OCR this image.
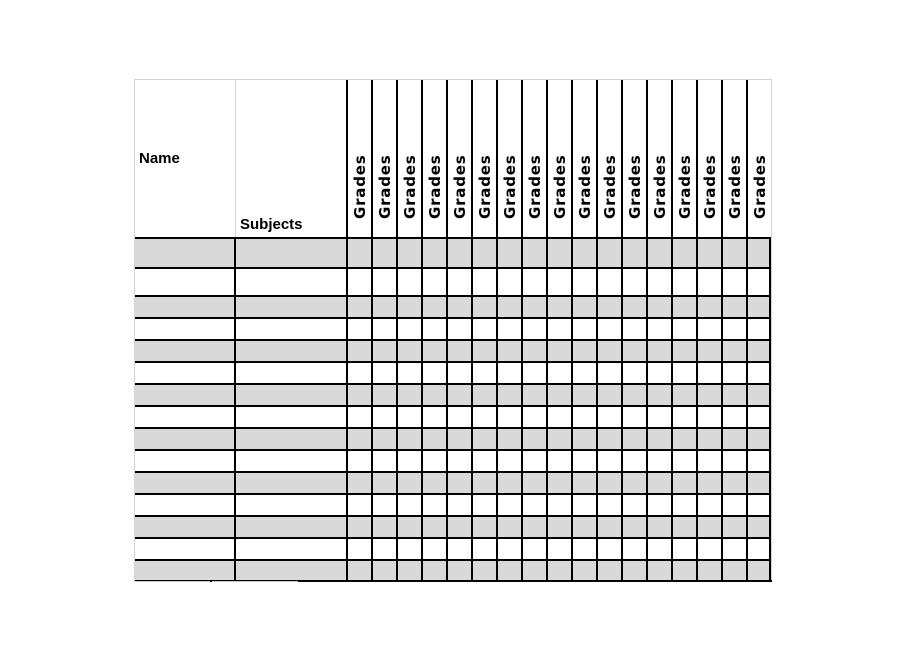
Name
Subjects
Grades Grades Grades Grades Grades Grades Grades Grades Grades Grades Grades Grades Grades Grades Grades Grades Grades
